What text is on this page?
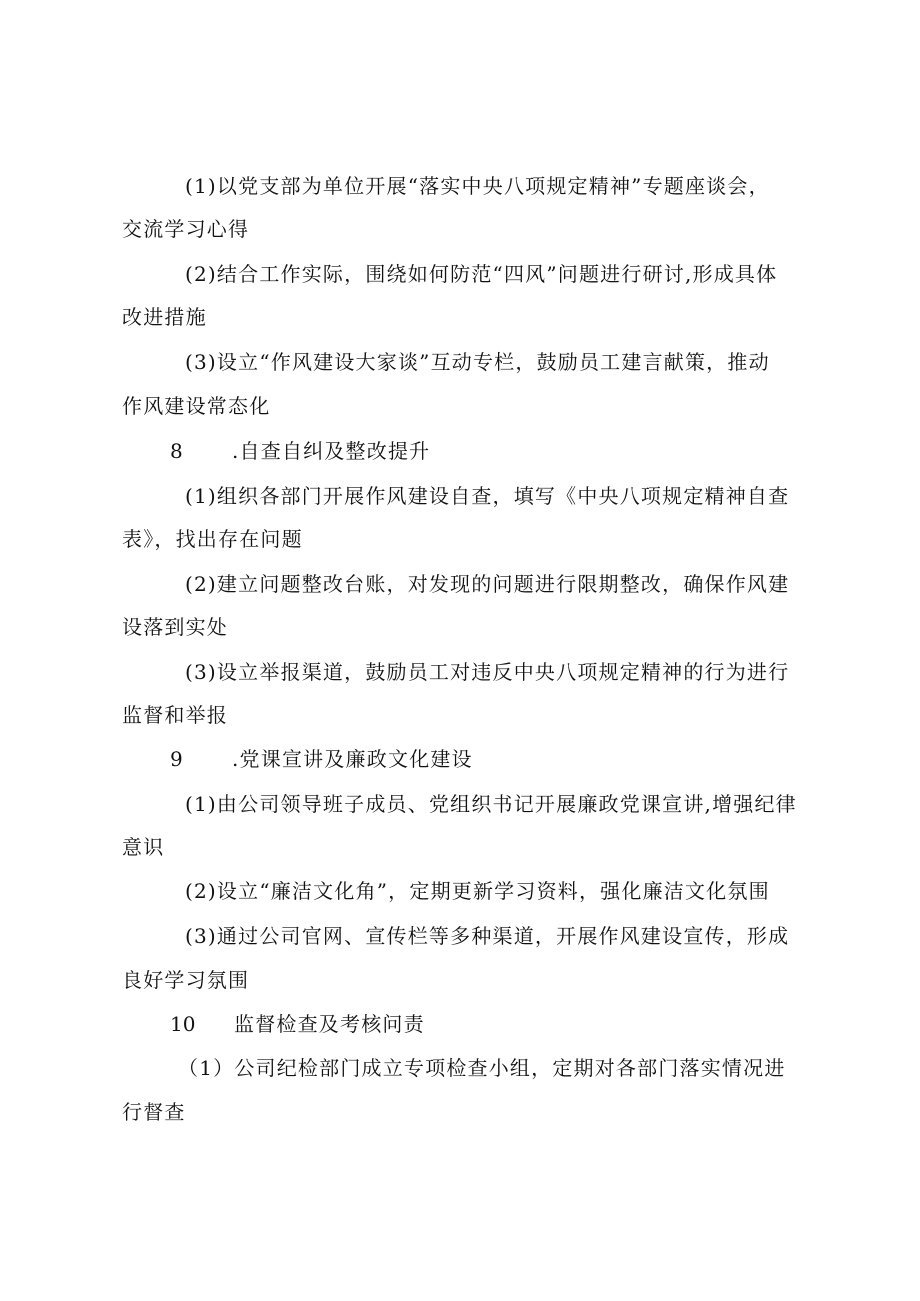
(1)以党支部为单位开展“落实中央八项规定精神”专题座谈会，
交流学习心得
(2)结合工作实际，围绕如何防范“四风”问题进行研讨,形成具体
改进措施
(3)设立“作风建设大家谈”互动专栏，鼓励员工建言献策，推动
作风建设常态化
8 .自查自纠及整改提升
(1)组织各部门开展作风建设自查，填写《中央八项规定精神自查
表》，找出存在问题
(2)建立问题整改台账，对发现的问题进行限期整改，确保作风建
设落到实处
(3)设立举报渠道，鼓励员工对违反中央八项规定精神的行为进行
监督和举报
9 .党课宣讲及廉政文化建设
(1)由公司领导班子成员、党组织书记开展廉政党课宣讲,增强纪律
意识
(2)设立“廉洁文化角”，定期更新学习资料，强化廉洁文化氛围
(3)通过公司官网、宣传栏等多种渠道，开展作风建设宣传，形成
良好学习氛围
10 监督检查及考核问责
（1）公司纪检部门成立专项检查小组，定期对各部门落实情况进
行督查
